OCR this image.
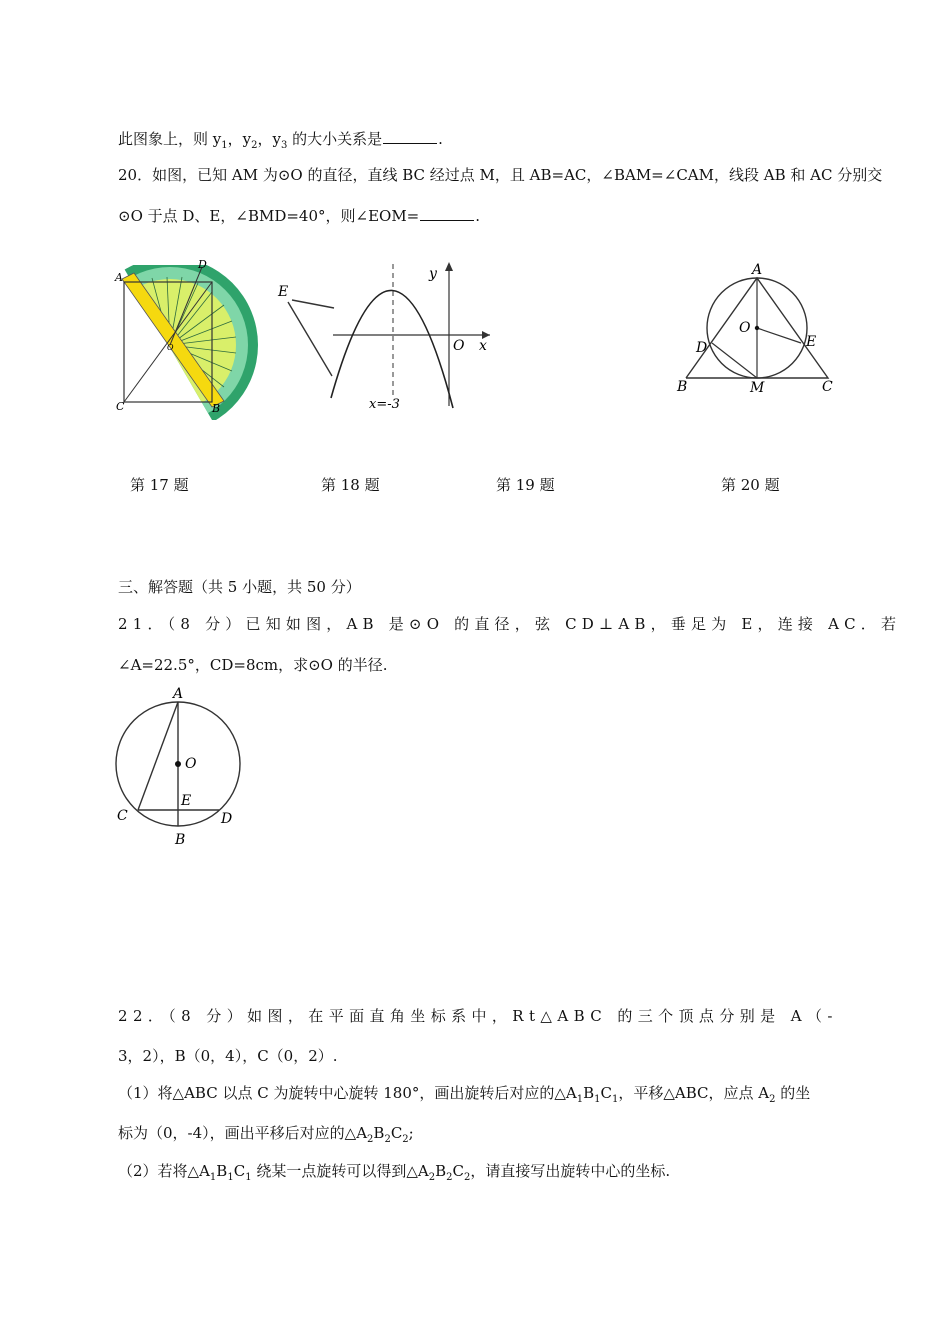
此图象上，则 $y_1$，$y_2$，$y_3$ 的大小关系是	.
20．如图，已知 AM 为⊙O 的直径，直线 BC 经过点 M，且 AB=AC，∠BAM=∠CAM，线段 AB 和 AC 分别交
⊙O 于点 D、E，∠BMD=40°，则∠EOM=	.
A
D
O
C	B
E
y
O x
x=-3
A
O
D	E
B	M	C
第 17 题	第 18 题	第 19 题	第 20 题
三、解答题（共 5 小题，共 50 分）
21．（8 分）已知如图，AB 是⊙O 的直径，弦 CD⊥AB，垂足为 E，连接 AC．若
∠A=22.5°，CD=8cm，求⊙O 的半径.
A
O
E
C	D
B
22．（8 分）如图，在平面直角坐标系中，Rt△ABC 的三个顶点分别是 A（-
3，2），B（0，4），C（0，2）.
（1）将△ABC 以点 C 为旋转中心旋转 180°，画出旋转后对应的$\triangle A_1B_1C_1$，平移△ABC，应点 $A_2$ 的坐
标为（0，-4），画出平移后对应的$\triangle A_2B_2C_2$;
（2）若将$\triangle A_1B_1C_1$ 绕某一点旋转可以得到$\triangle A_2B_2C_2$，请直接写出旋转中心的坐标.
